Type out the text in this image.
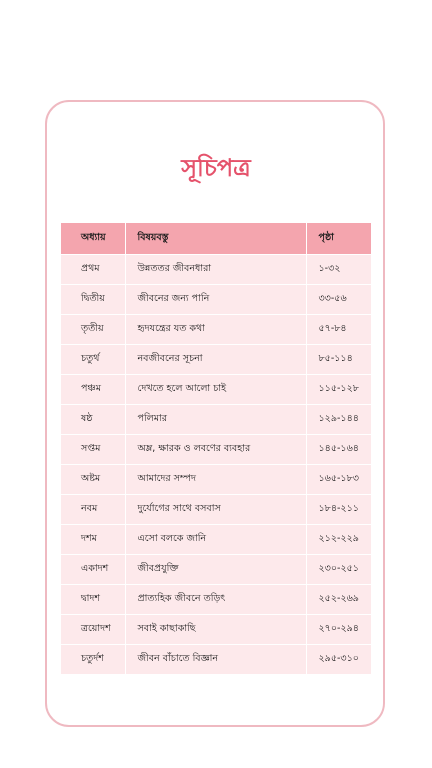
সূচিপত্র
অধ্যায়	বিষয়বস্তু	পৃষ্ঠা
প্রথম	উন্নততর জীবনধারা	১-৩২
দ্বিতীয়	জীবনের জন্য পানি	৩৩-৫৬
তৃতীয়	হৃদযন্ত্রের যত কথা	৫৭-৮৪
চতুর্থ	নবজীবনের সূচনা	৮৫-১১৪
পঞ্চম	দেখতে হলে আলো চাই	১১৫-১২৮
ষষ্ঠ	পলিমার	১২৯-১৪৪
সপ্তম	অম্ল, ক্ষারক ও লবণের ব্যবহার	১৪৫-১৬৪
অষ্টম	আমাদের সম্পদ	১৬৫-১৮৩
নবম	দুর্যোগের সাথে বসবাস	১৮৪-২১১
দশম	এসো বলকে জানি	২১২-২২৯
একাদশ	জীবপ্রযুক্তি	২৩০-২৫১
দ্বাদশ	প্রাত্যহিক জীবনে তড়িৎ	২৫২-২৬৯
ত্রয়োদশ	সবাই কাছাকাছি	২৭০-২৯৪
চতুর্দশ	জীবন বাঁচাতে বিজ্ঞান	২৯৫-৩১০
